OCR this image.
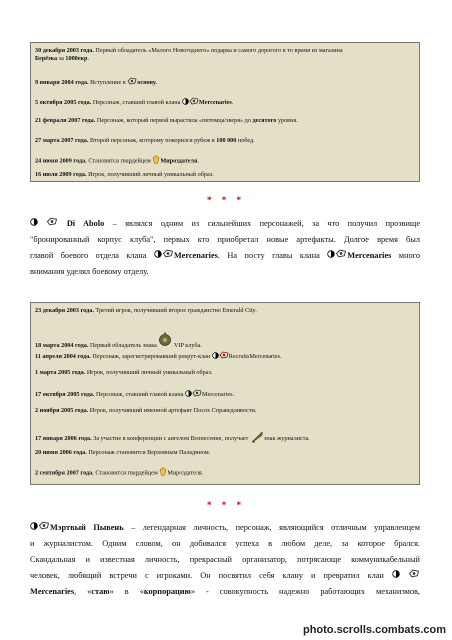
30 декабря 2003 года. Первый обладатель «Малого Новогоднего» подарка и самого дорогого в то время из магазина
Берёзка за 1000екр.
9 января 2004 года. Вступление в основу.
5 октября 2005 года. Персонаж, ставший главой клана	Mercenaries.
21 февраля 2007 года. Персонаж, который первой вырастила «питомца/зверя» до десятого уровня.
27 марта 2007 года. Второй персонаж, которому покорился рубеж в 100 000 побед.
24 июня 2009 года. Становится гвардейцем Мироздателя.
16 июля 2009 года. Игрок, получивший личный уникальный образ.
* * *
Di Abolo – являлся одним из сильнейших персонажей, за что получил прозвище
"бронированный корпус клуба", первых кто приобретал новые артефакты. Долгое время был
главой боевого отдела клана Mercenaries. На посту главы клана Mercenaries много
внимания уделял боевому отделу.
23 декабря 2003 года. Третий игрок, получивший второе гражданство Emerald City.
18 марта 2004 года. Первый обладатель знака  VIP клуба.
11 апреля 2004 года. Персонаж, зарегистрировавший рекрут-клан	RecruitsMercenaries.
1 марта 2005 года. Игрок, получивший личный уникальный образ.
17 октября 2005 года. Персонаж, ставший главой клана	Mercenaries.
2 ноября 2005 года. Игрок, получивший именной артефакт Посох Справедливости.
17 января 2006 года. За участие в конференции с ангелом Вознесение, получает знак журналиста.
20 июня 2006 года. Персонаж становится Верховным Паладином.
2 сентября 2007 года. Становится гвардейцем Мироздателя.
* * *
Мэртвый Пывень – легендарная личность, персонаж, являющийся отличным управленцем
и журналистом. Одним словом, он добивался успеха в любом деле, за которое брался.
Скандальная и известная личность, прекрасный организатор, потрясающе коммуникабельный
человек, любящий встречи с игроками. Он посвятил себя клану и превратил клан
Mercenaries, «стаю» в «корпорацию» - совокупность надежно работающих механизмов,
photo.scrolls.combats.com
